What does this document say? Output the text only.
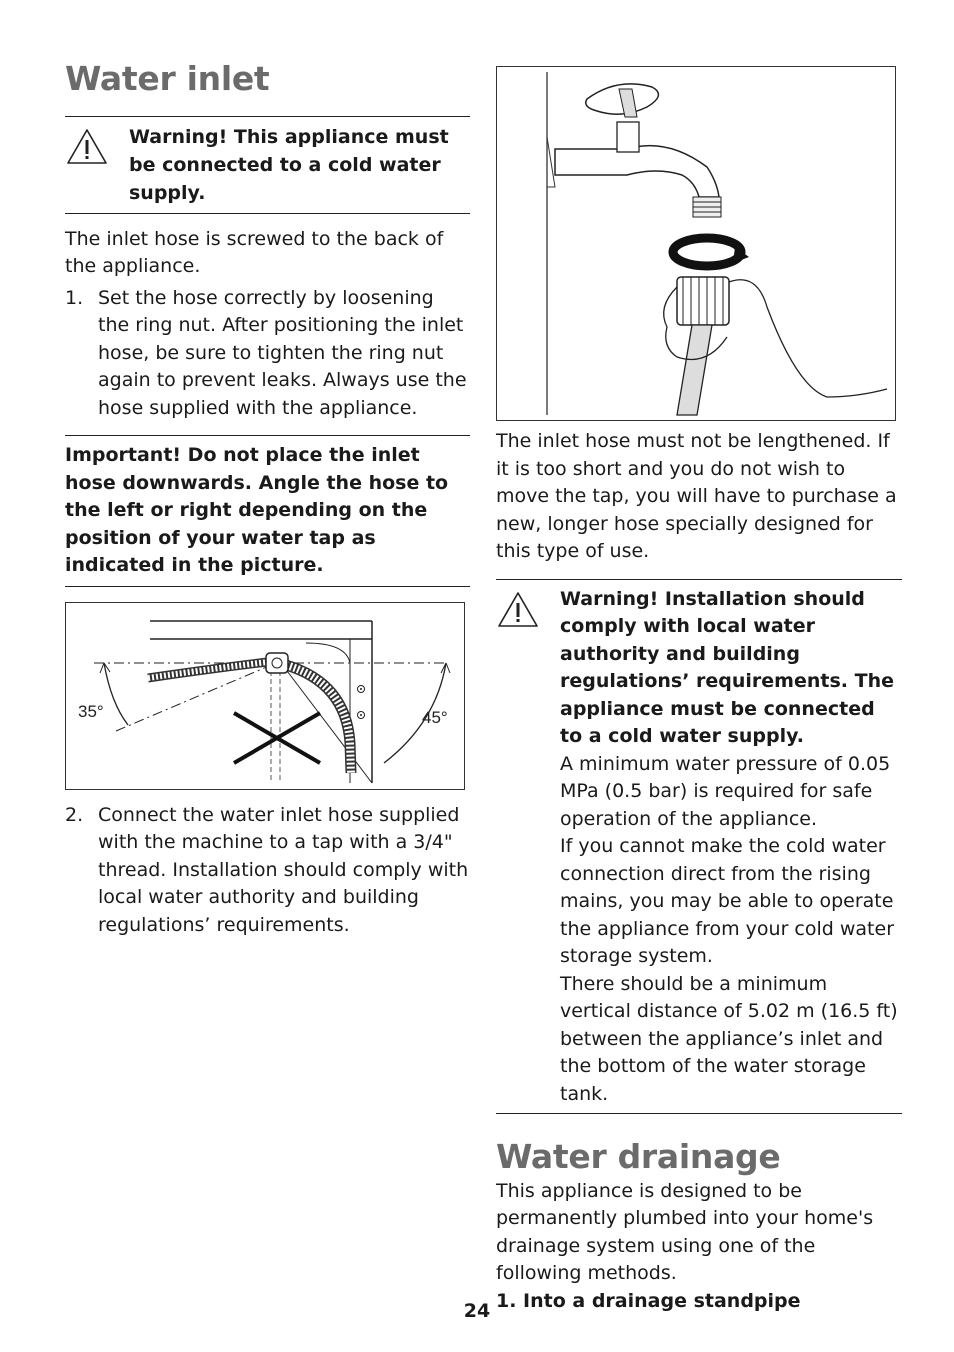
Water inlet

Warning! This appliance must be connected to a cold water supply.

The inlet hose is screwed to the back of the appliance.

1. Set the hose correctly by loosening the ring nut. After positioning the inlet hose, be sure to tighten the ring nut again to prevent leaks. Always use the hose supplied with the appliance.

Important! Do not place the inlet hose downwards. Angle the hose to the left or right depending on the position of your water tap as indicated in the picture.

35°	45°
2. Connect the water inlet hose supplied with the machine to a tap with a 3/4" thread. Installation should comply with local water authority and building regulations’ requirements.

The inlet hose must not be lengthened. If it is too short and you do not wish to move the tap, you will have to purchase a new, longer hose specially designed for this type of use.

Warning! Installation should comply with local water authority and building regulations’ requirements. The appliance must be connected to a cold water supply.

A minimum water pressure of 0.05 MPa (0.5 bar) is required for safe operation of the appliance.

If you cannot make the cold water connection direct from the rising mains, you may be able to operate the appliance from your cold water storage system.

There should be a minimum vertical distance of 5.02 m (16.5 ft) between the appliance’s inlet and the bottom of the water storage tank.

Water drainage

This appliance is designed to be permanently plumbed into your home's drainage system using one of the following methods.

1. Into a drainage standpipe

24
